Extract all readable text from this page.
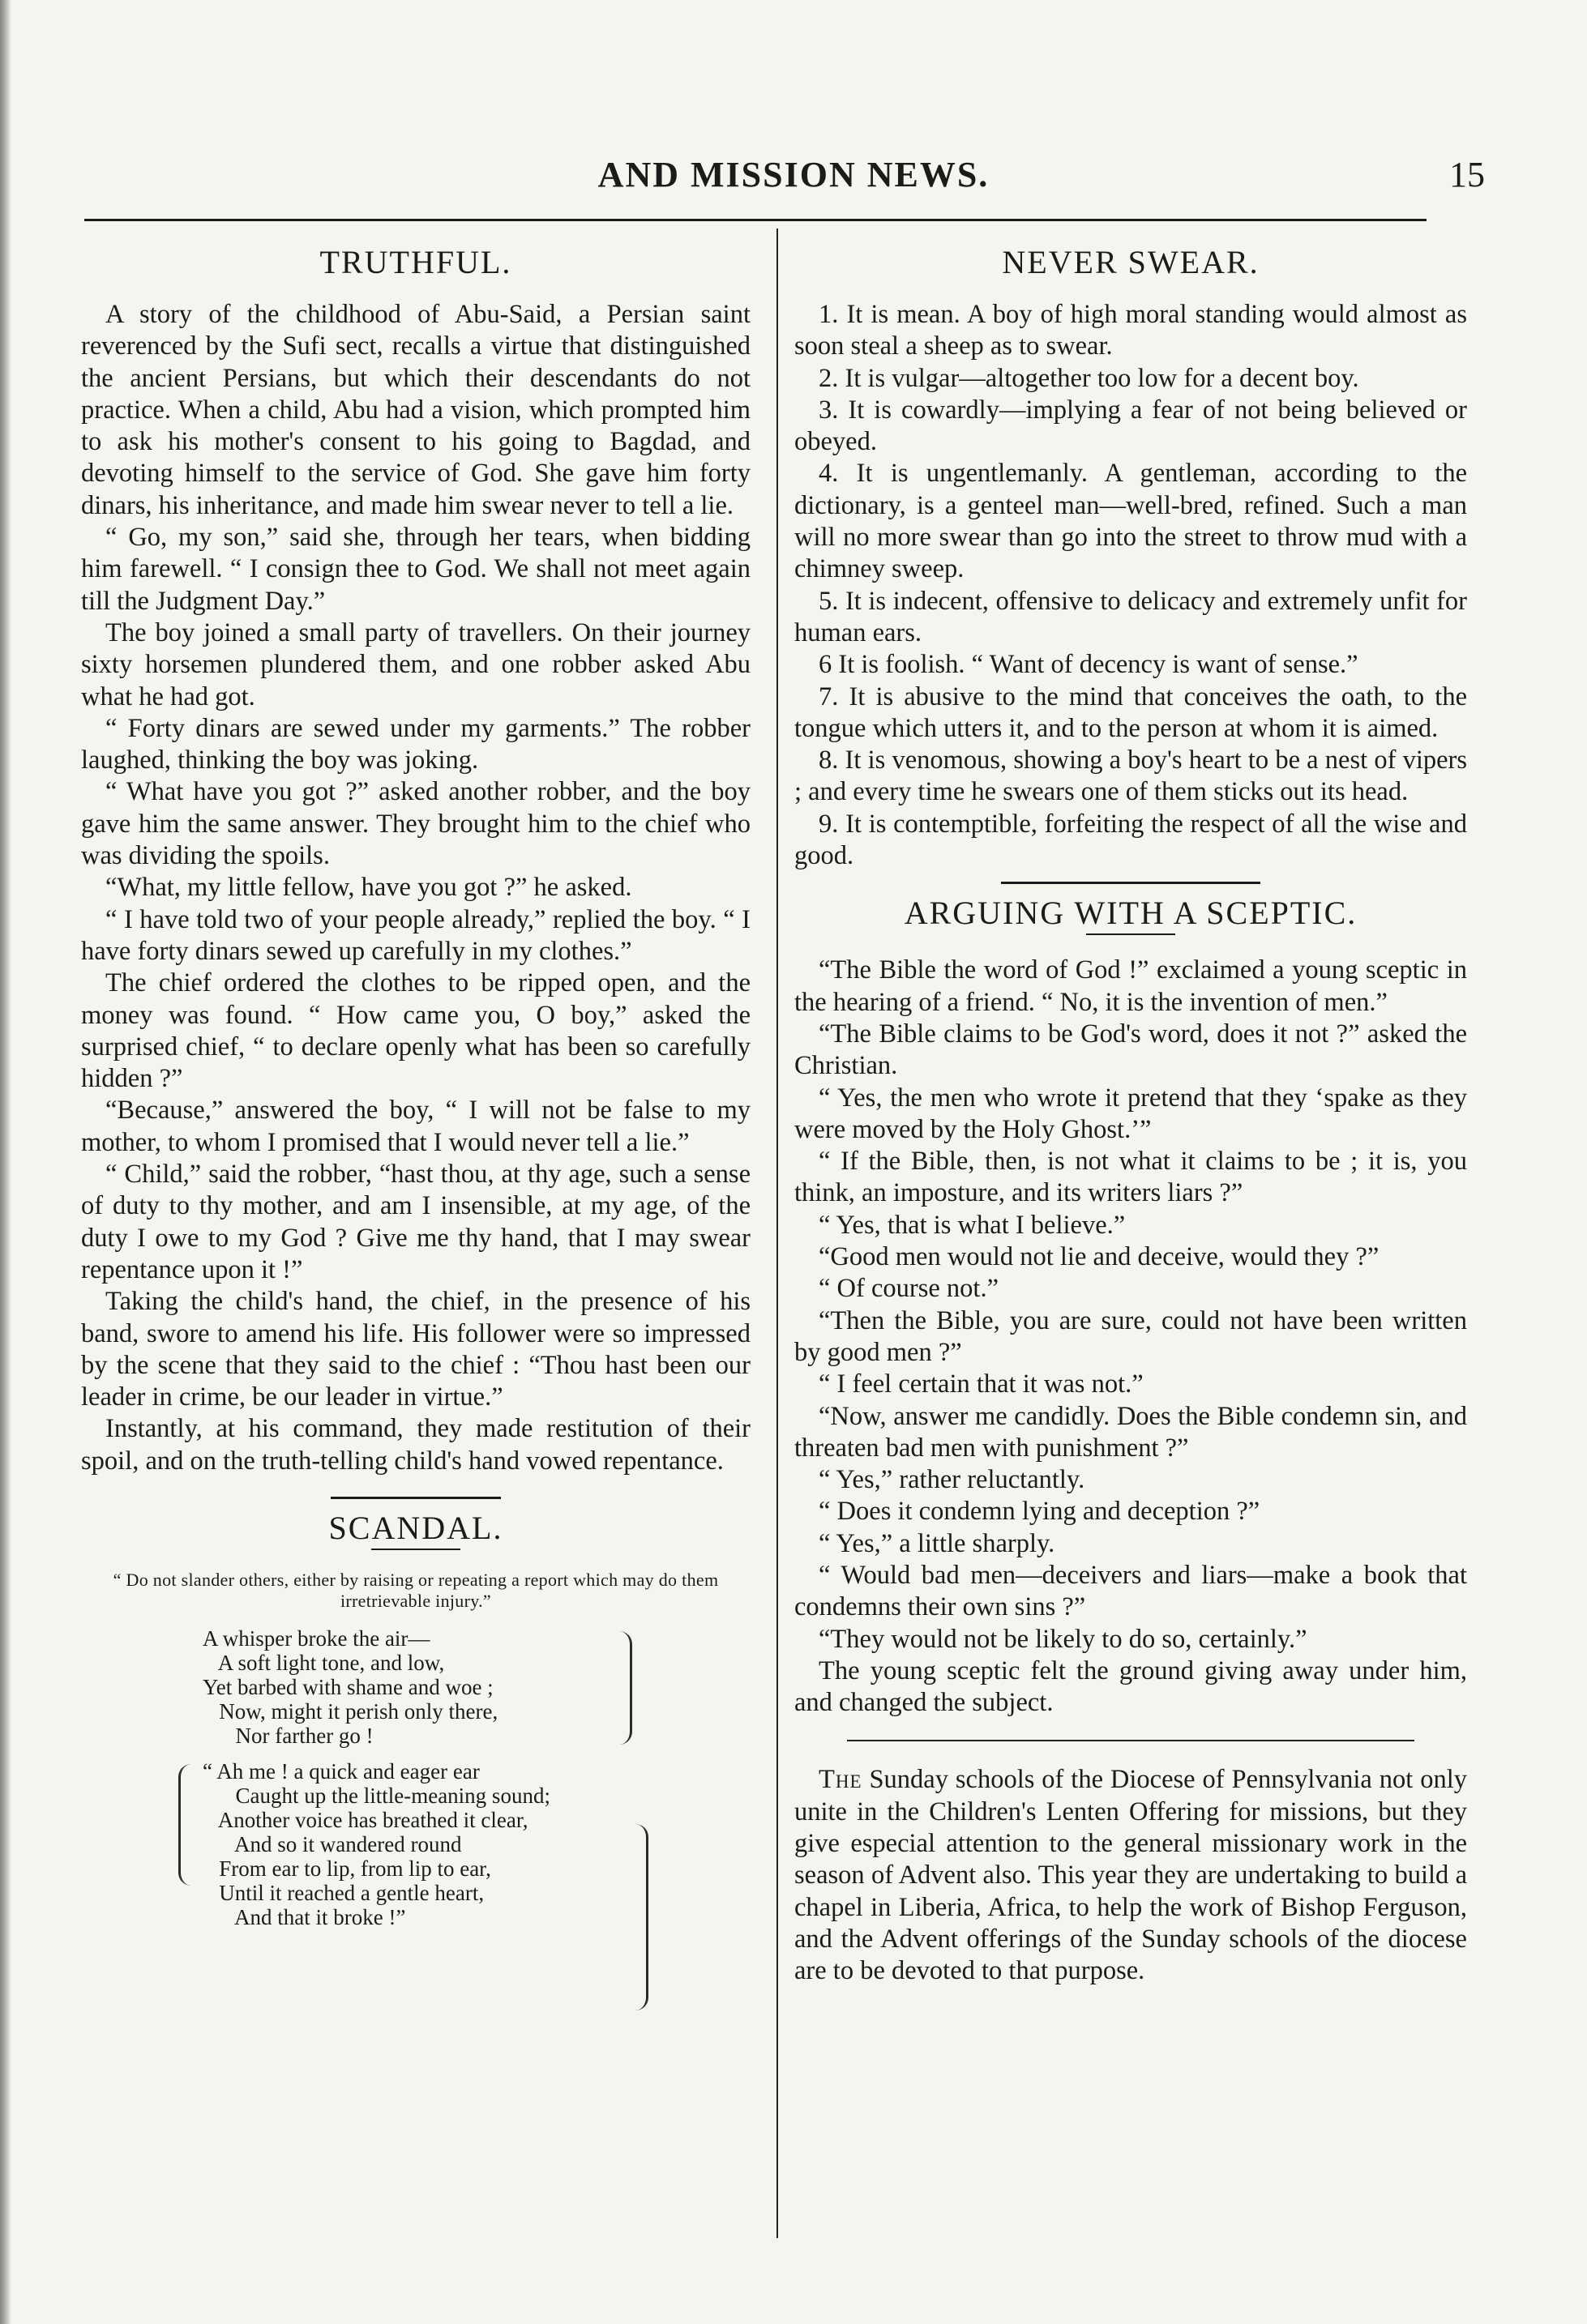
AND MISSION NEWS.	15
TRUTHFUL.

A story of the childhood of Abu-Said, a Persian saint reverenced by the Sufi sect, recalls a virtue that distinguished the ancient Persians, but which their descendants do not practice. When a child, Abu had a vision, which prompted him to ask his mother's consent to his going to Bagdad, and devoting himself to the service of God. She gave him forty dinars, his inheritance, and made him swear never to tell a lie.

“ Go, my son,” said she, through her tears, when bidding him farewell. “ I consign thee to God. We shall not meet again till the Judgment Day.”

The boy joined a small party of travellers. On their journey sixty horsemen plundered them, and one robber asked Abu what he had got.

“ Forty dinars are sewed under my garments.” The robber laughed, thinking the boy was joking.

“ What have you got ?” asked another robber, and the boy gave him the same answer. They brought him to the chief who was dividing the spoils.

“What, my little fellow, have you got ?” he asked.

“ I have told two of your people already,” replied the boy. “ I have forty dinars sewed up carefully in my clothes.”

The chief ordered the clothes to be ripped open, and the money was found. “ How came you, O boy,” asked the surprised chief, “ to declare openly what has been so carefully hidden ?”

“Because,” answered the boy, “ I will not be false to my mother, to whom I promised that I would never tell a lie.”

“ Child,” said the robber, “hast thou, at thy age, such a sense of duty to thy mother, and am I insensible, at my age, of the duty I owe to my God ? Give me thy hand, that I may swear repentance upon it !”

Taking the child's hand, the chief, in the presence of his band, swore to amend his life. His follower were so impressed by the scene that they said to the chief : “Thou hast been our leader in crime, be our leader in virtue.”

Instantly, at his command, they made restitution of their spoil, and on the truth-telling child's hand vowed repentance.

SCANDAL.
“ Do not slander others, either by raising or repeating a report which may do them irretrievable injury.”
A whisper broke the air—
A soft light tone, and low,
Yet barbed with shame and woe ;
Now, might it perish only there,
Nor farther go !
“ Ah me ! a quick and eager ear
Caught up the little-meaning sound;
Another voice has breathed it clear,
And so it wandered round
From ear to lip, from lip to ear,
Until it reached a gentle heart,
And that it broke !”
NEVER SWEAR.

1. It is mean. A boy of high moral standing would almost as soon steal a sheep as to swear.

2. It is vulgar—altogether too low for a decent boy.

3. It is cowardly—implying a fear of not being believed or obeyed.

4. It is ungentlemanly. A gentleman, according to the dictionary, is a genteel man—well-bred, refined. Such a man will no more swear than go into the street to throw mud with a chimney sweep.

5. It is indecent, offensive to delicacy and extremely unfit for human ears.

6 It is foolish. “ Want of decency is want of sense.”

7. It is abusive to the mind that conceives the oath, to the tongue which utters it, and to the person at whom it is aimed.

8. It is venomous, showing a boy's heart to be a nest of vipers ; and every time he swears one of them sticks out its head.

9. It is contemptible, forfeiting the respect of all the wise and good.

ARGUING WITH A SCEPTIC.

“The Bible the word of God !” exclaimed a young sceptic in the hearing of a friend. “ No, it is the invention of men.”

“The Bible claims to be God's word, does it not ?” asked the Christian.

“ Yes, the men who wrote it pretend that they ‘spake as they were moved by the Holy Ghost.’”

“ If the Bible, then, is not what it claims to be ; it is, you think, an imposture, and its writers liars ?”

“ Yes, that is what I believe.”

“Good men would not lie and deceive, would they ?”

“ Of course not.”

“Then the Bible, you are sure, could not have been written by good men ?”

“ I feel certain that it was not.”

“Now, answer me candidly. Does the Bible condemn sin, and threaten bad men with punishment ?”

“ Yes,” rather reluctantly.

“ Does it condemn lying and deception ?”

“ Yes,” a little sharply.

“ Would bad men—deceivers and liars—make a book that condemns their own sins ?”

“They would not be likely to do so, certainly.”

The young sceptic felt the ground giving away under him, and changed the subject.

The Sunday schools of the Diocese of Pennsylvania not only unite in the Children's Lenten Offering for missions, but they give especial attention to the general missionary work in the season of Advent also. This year they are undertaking to build a chapel in Liberia, Africa, to help the work of Bishop Ferguson, and the Advent offerings of the Sunday schools of the diocese are to be devoted to that purpose.
